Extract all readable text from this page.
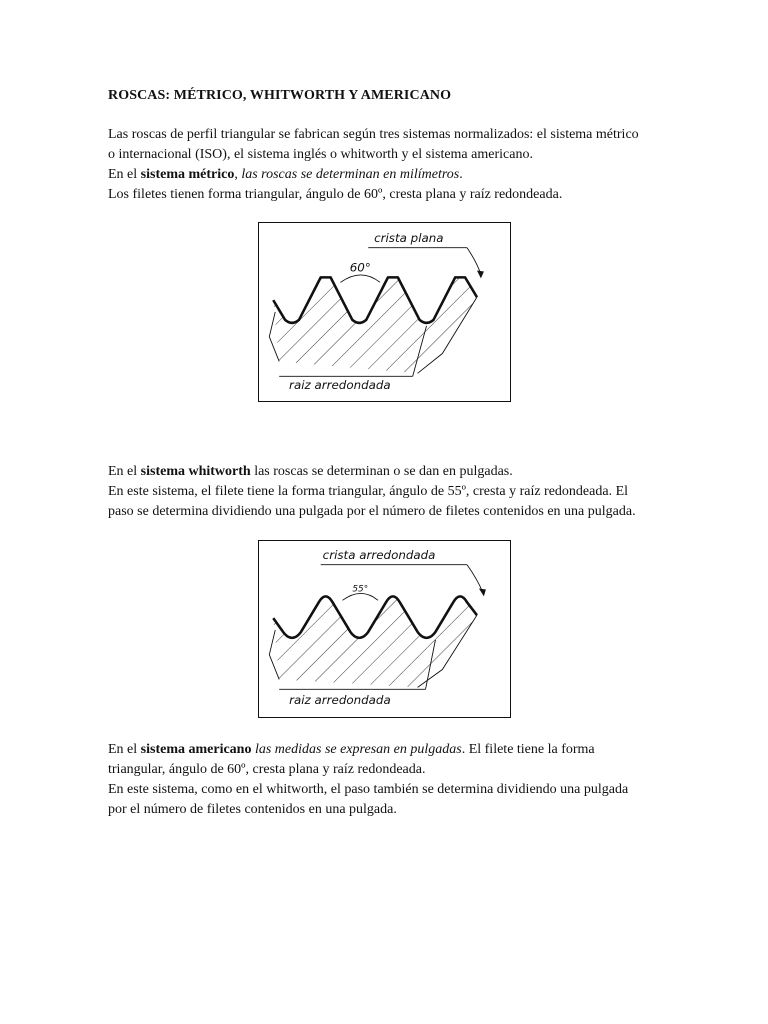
ROSCAS: MÉTRICO, WHITWORTH Y AMERICANO
Las roscas de perfil triangular se fabrican según tres sistemas normalizados: el sistema métrico
o internacional (ISO), el sistema inglés o whitworth y el sistema americano.
En el sistema métrico, las roscas se determinan en milímetros.
Los filetes tienen forma triangular, ángulo de 60º, cresta plana y raíz redondeada.
60°
crista plana
raiz arredondada
En el sistema whitworth las roscas se determinan o se dan en pulgadas.
En este sistema, el filete tiene la forma triangular, ángulo de 55º, cresta y raíz redondeada. El
paso se determina dividiendo una pulgada por el número de filetes contenidos en una pulgada.
55°
crista arredondada
raiz arredondada
En el sistema americano las medidas se expresan en pulgadas. El filete tiene la forma
triangular, ángulo de 60º, cresta plana y raíz redondeada.
En este sistema, como en el whitworth, el paso también se determina dividiendo una pulgada
por el número de filetes contenidos en una pulgada.
